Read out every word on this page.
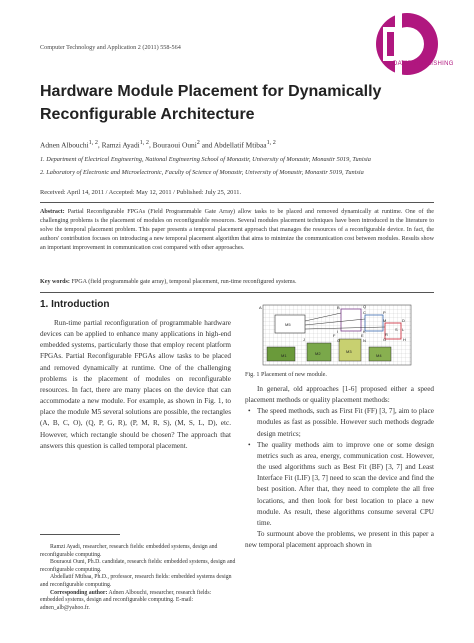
Computer Technology and Application 2 (2011) 558-564
DAVID PUBLISHING
Hardware Module Placement for Dynamically
Reconfigurable Architecture
Adnen Albouchi$^{1, 2}$, Ramzi Ayadi$^{1, 2}$, Bouraoui Ouni$^2$ and Abdellatif Mtibaa$^{1, 2}$
1. Department of Electrical Engineering, National Engineering School of Monastir, University of Monastir, Monastir 5019, Tunisia
2. Laboratory of Electronic and Microelectronic, Faculty of Science of Monastir, University of Monastir, Monastir 5019, Tunisia
Received: April 14, 2011 / Accepted: May 12, 2011 / Published: July 25, 2011.
Abstract: Partial Reconfigurable FPGAs (Field Programmable Gate Array) allow tasks to be placed and removed dynamically at runtime. One of the challenging problems is the placement of modules on reconfigurable resources. Several modules placement techniques have been introduced in the literature to solve the temporal placement problem. This paper presents a temporal placement approach that manages the resources of a reconfigurable device. In fact, the authors' contribution focuses on introducing a new temporal placement algorithm that aims to minimize the communication cost between modules. Results show an important improvement in communication cost compared with other approaches.
Key words: FPGA (field programmable gate array), temporal placement, run-time reconfigured systems.
1. Introduction

Run-time partial reconfiguration of programmable hardware devices can be applied to enhance many applications in high-end embedded systems, particularly those that employ recent platform FPGAs. Partial Reconfigurable FPGAs allow tasks to be placed and removed dynamically at runtime. One of the challenging problems is the placement of modules on reconfigurable resources. In fact, there are many places on the device that can accommodate a new module. For example, as shown in Fig. 1, to place the module M5 several solutions are possible, the rectangles (A, B, C, O), (Q, P, G, R), (P, M, R, S), (M, S, L, D), etc. However, which rectangle should be chosen? The approach that answers this question is called temporal placement.

Ramzi Ayadi, researcher, research fields: embedded systems, design and reconfigurable computing.

Bouraoui Ouni, Ph.D. candidate, research fields: embedded systems, design and reconfigurable computing.

Abdellatif Mtibaa, Ph.D., professor, research fields: embedded systems design and reconfigurable computing.

Corresponding author: Adnen Albouchi, researcher, research fields: embedded systems, design and reconfigurable computing. E-mail: adnen_alb@yahoo.fr.

M1	M2	M3
M4
M5
A	B
C
D
E
F
G	H
I
J
K	L
M
N
O
P
Q
R
S
Fig. 1 Placement of new module.

In general, old approaches [1-6] proposed either a speed placement methods or quality placement methods:

• The speed methods, such as First Fit (FF) [3, 7], aim to place modules as fast as possible. However such methods degrade design metrics;

• The quality methods aim to improve one or some design metrics such as area, energy, communication cost. However, the used algorithms such as Best Fit (BF) [3, 7] and Least Interface Fit (LIF) [3, 7] need to scan the device and find the best position. After that, they need to complete the all free locations, and then look for best location to place a new module. As result, these algorithms consume several CPU time.

To surmount above the problems, we present in this paper a new temporal placement approach shown in
